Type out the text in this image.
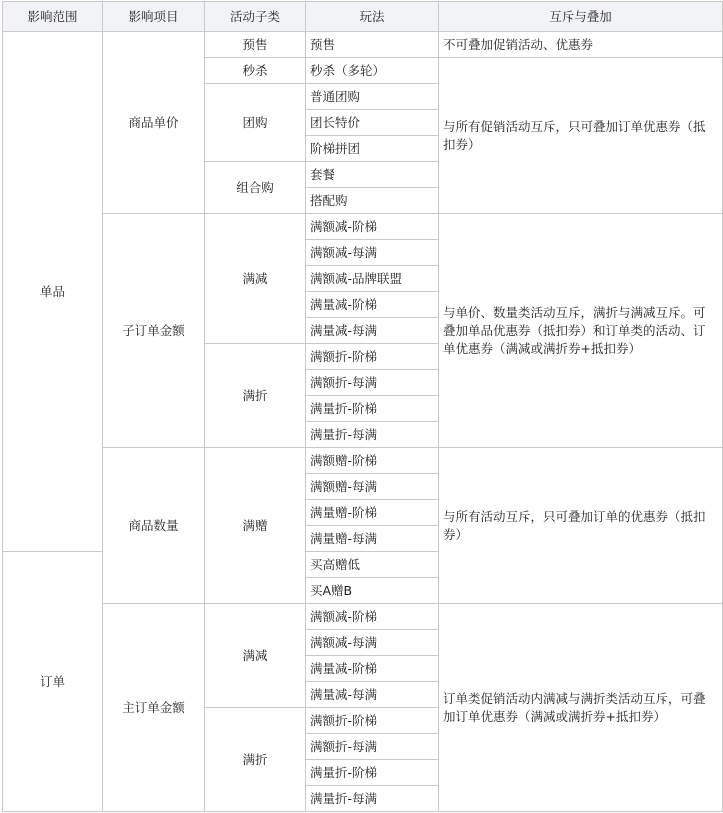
影响范围	影响项目	活动子类	玩法	互斥与叠加
单品	商品单价	预售	预售	不可叠加促销活动、优惠券
		秒杀	秒杀（多轮）	与所有促销活动互斥，只可叠加订单优惠券（抵扣券）
		团购	普通团购	
			团长特价	
			阶梯拼团	
		组合购	套餐	
			搭配购	
	子订单金额	满减	满额减-阶梯	与单价、数量类活动互斥，满折与满减互斥。可叠加单品优惠券（抵扣券）和订单类的活动、订单优惠券（满减或满折券+抵扣券）
			满额减-每满	
			满额减-品牌联盟	
			满量减-阶梯	
			满量减-每满	
		满折	满额折-阶梯	
			满额折-每满	
			满量折-阶梯	
			满量折-每满	
	商品数量	满赠	满额赠-阶梯	与所有活动互斥，只可叠加订单的优惠券（抵扣券）
			满额赠-每满	
			满量赠-阶梯	
			满量赠-每满	
订单			买高赠低	
			买A赠B	
	主订单金额	满减	满额减-阶梯	订单类促销活动内满减与满折类活动互斥，可叠加订单优惠券（满减或满折券+抵扣券）
			满额减-每满	
			满量减-阶梯	
			满量减-每满	
		满折	满额折-阶梯	
			满额折-每满	
			满量折-阶梯	
			满量折-每满	
